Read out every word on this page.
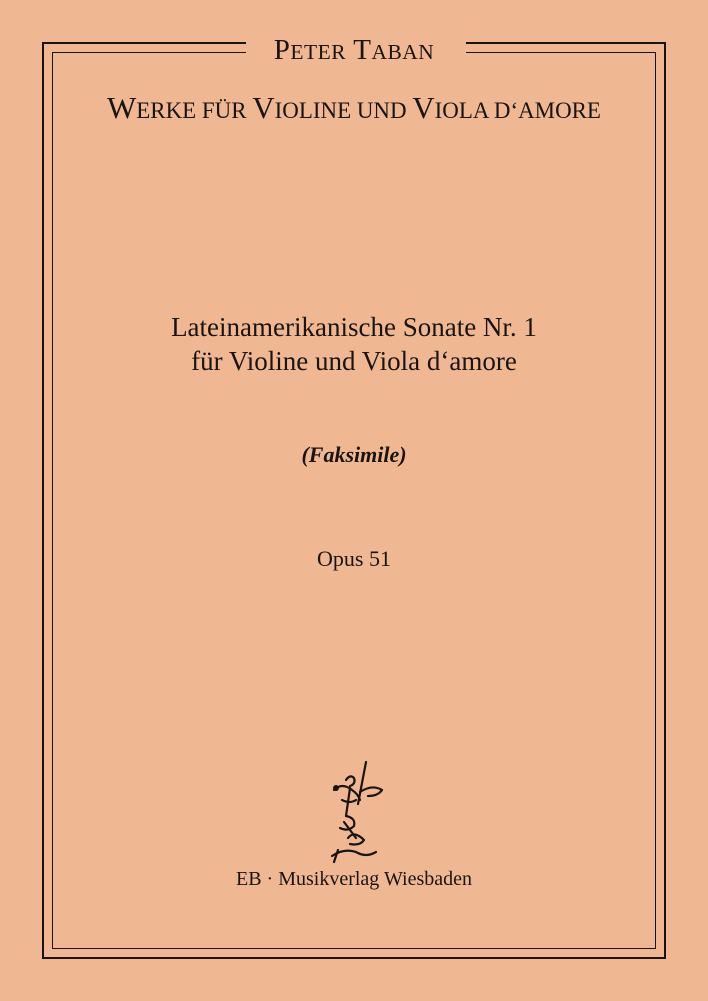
PETER TABAN
WERKE FÜR VIOLINE UND VIOLA D‘AMORE
Lateinamerikanische Sonate Nr. 1
für Violine und Viola d‘amore
(Faksimile)
Opus 51
EB · Musikverlag Wiesbaden
